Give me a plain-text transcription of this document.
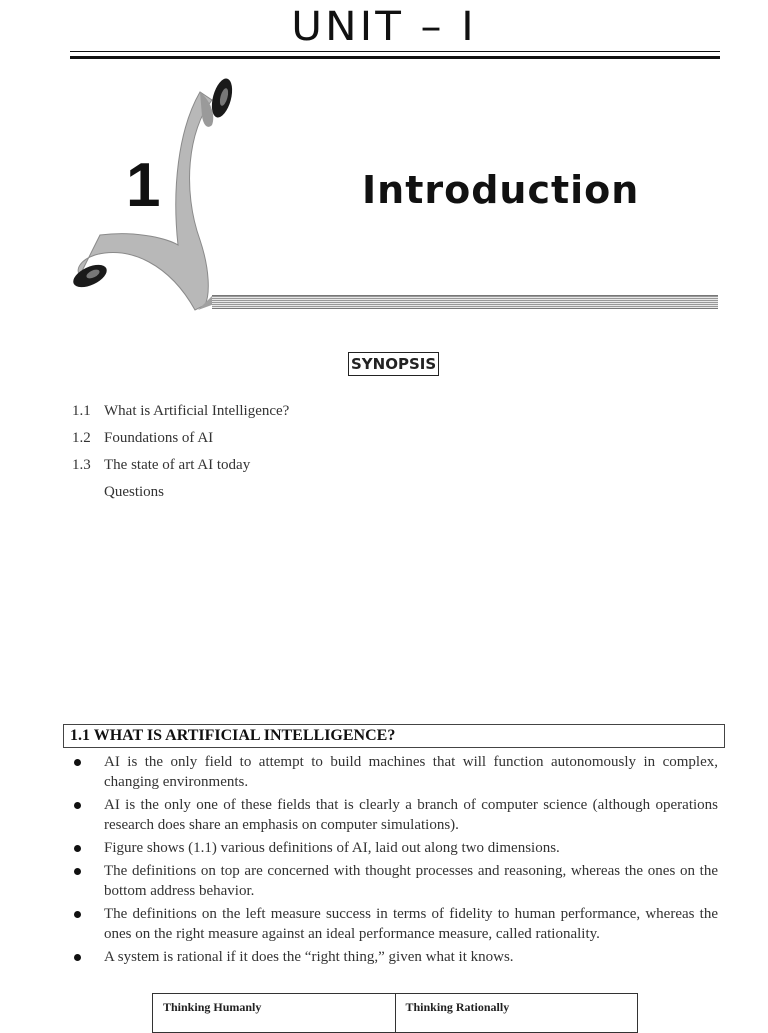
UNIT – I
1	Introduction
SYNOPSIS
1.1 What is Artificial Intelligence?
1.2 Foundations of AI
1.3 The state of art AI today
Questions
1.1 WHAT IS ARTIFICIAL INTELLIGENCE?
AI is the only field to attempt to build machines that will function autonomously in complex, changing environments.
AI is the only one of these fields that is clearly a branch of computer science (although operations research does share an emphasis on computer simulations).
Figure shows (1.1) various definitions of AI, laid out along two dimensions.
The definitions on top are concerned with thought processes and reasoning, whereas the ones on the bottom address behavior.
The definitions on the left measure success in terms of fidelity to human performance, whereas the ones on the right measure against an ideal performance measure, called rationality.
A system is rational if it does the “right thing,” given what it knows.
Thinking Humanly	Thinking Rationally
